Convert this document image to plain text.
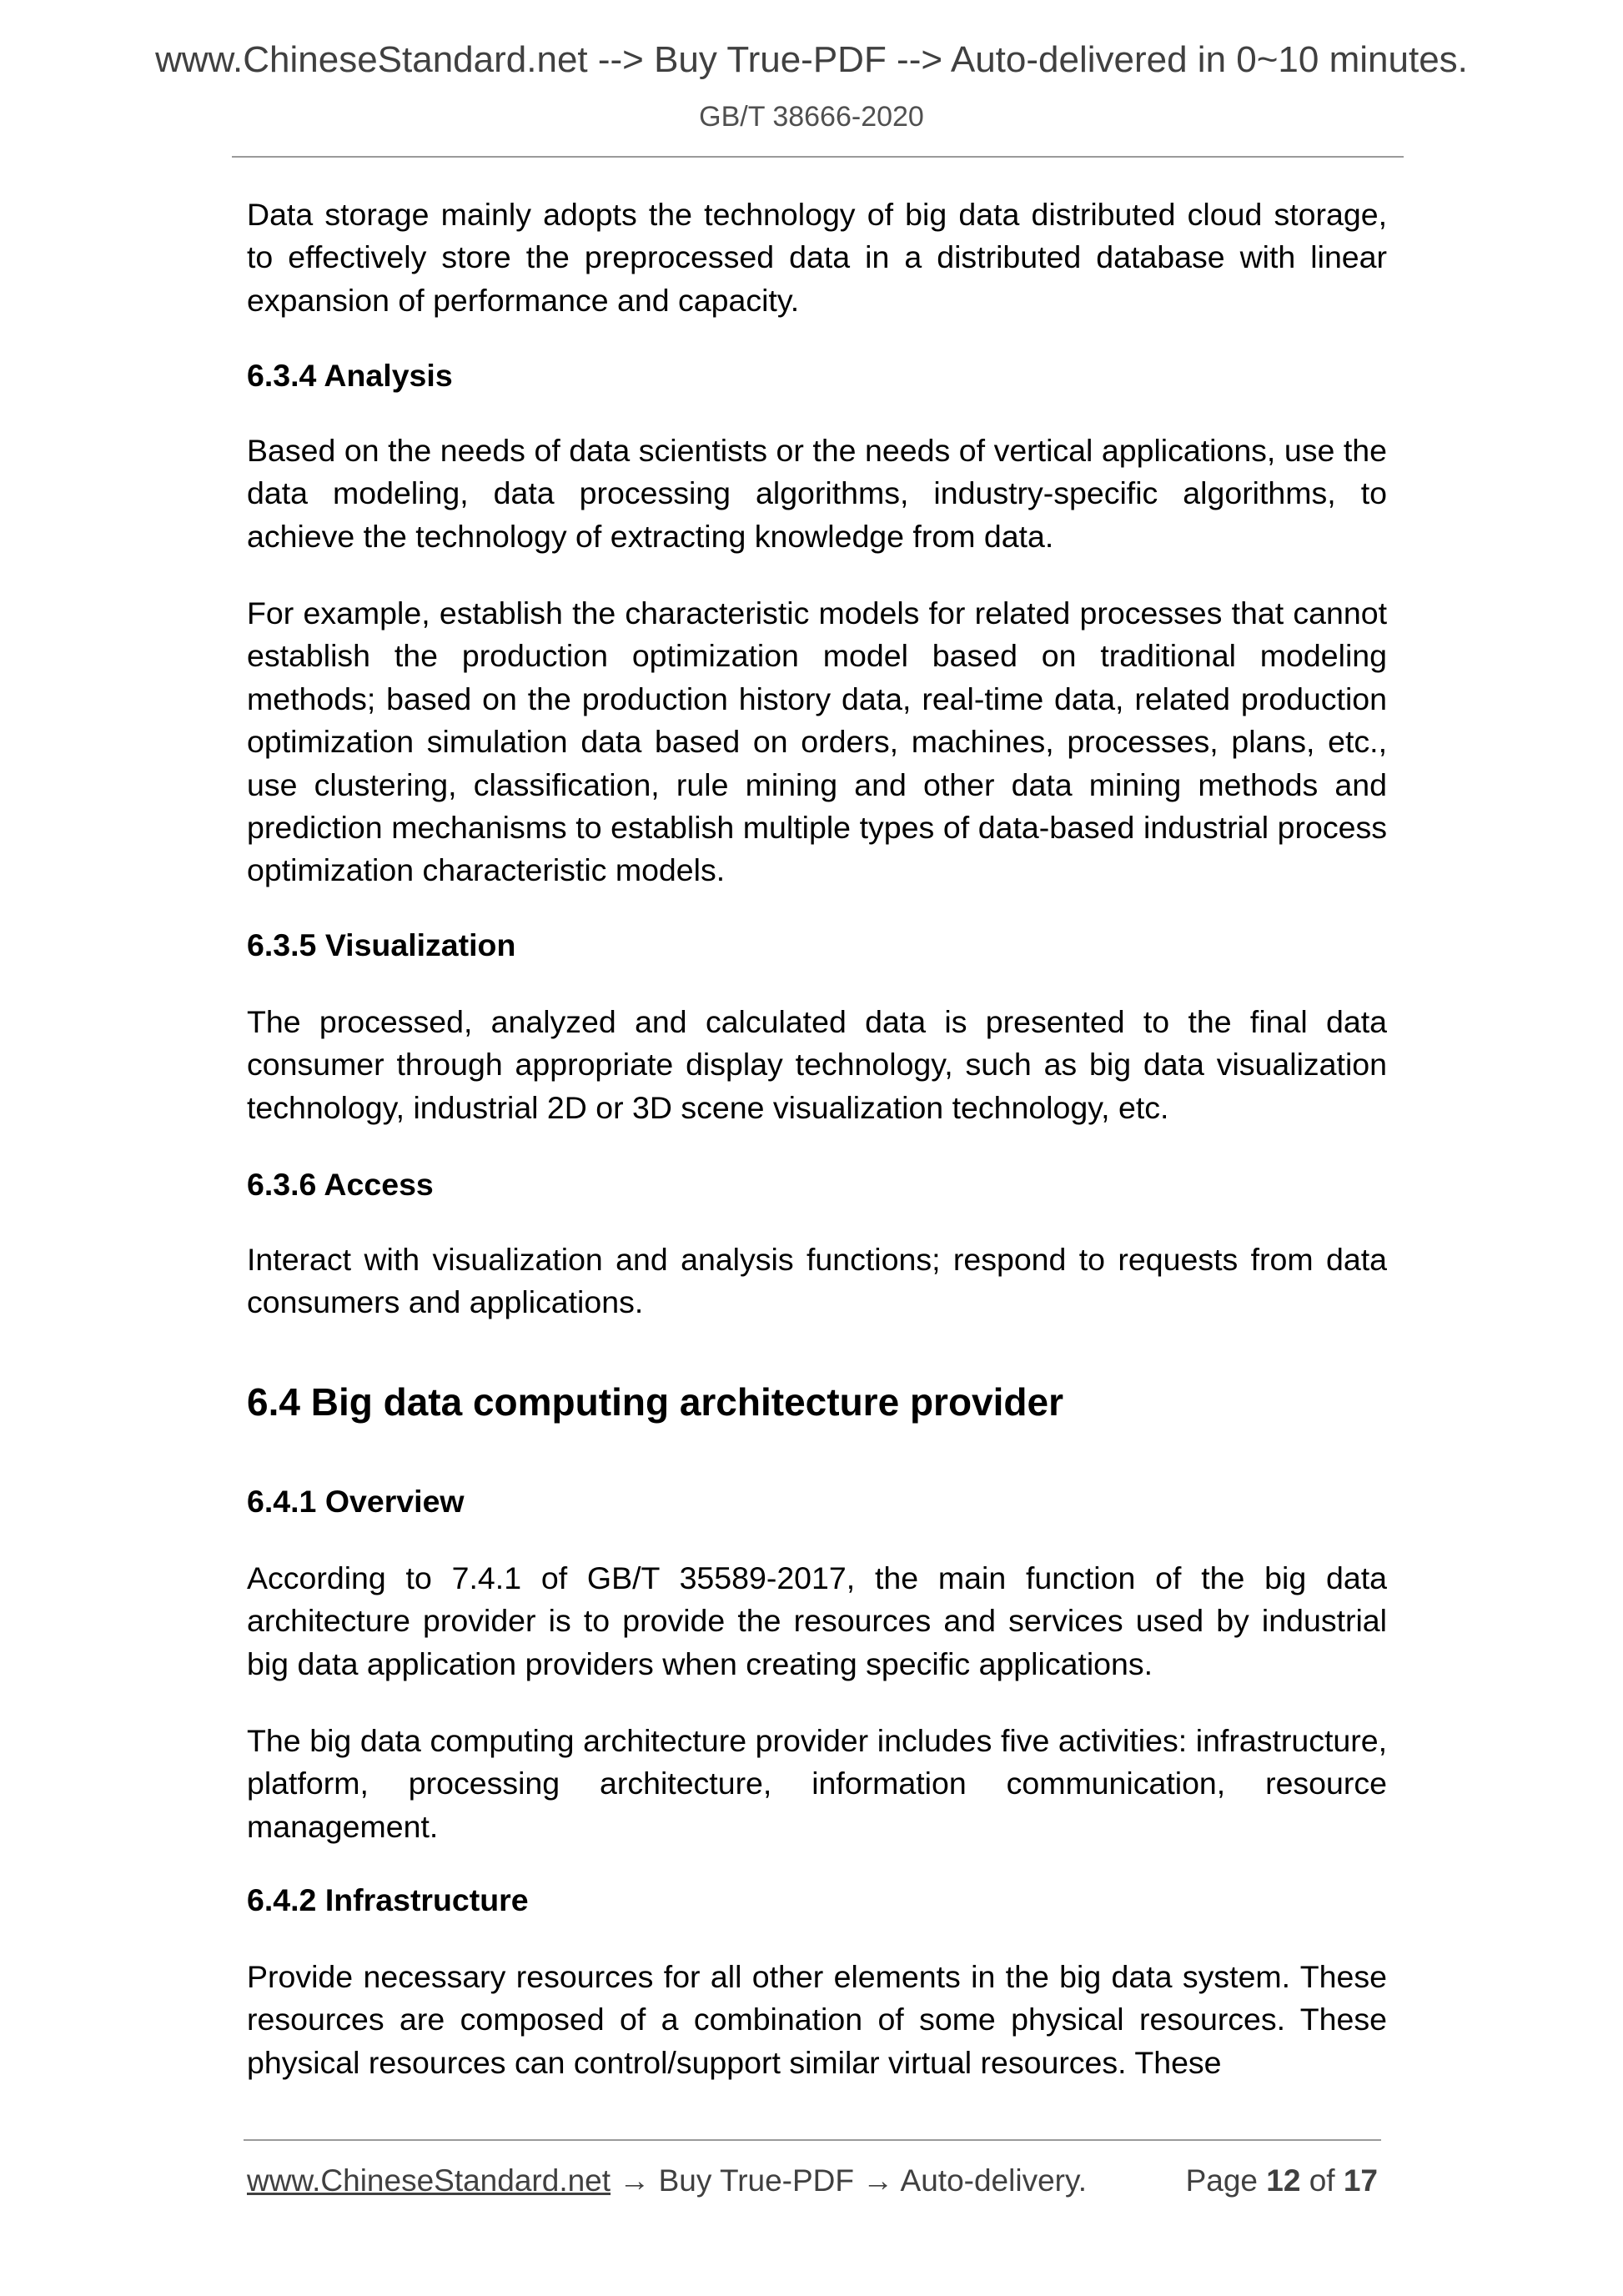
www.ChineseStandard.net --> Buy True-PDF --> Auto-delivered in 0~10 minutes.
GB/T 38666-2020
Data storage mainly adopts the technology of big data distributed cloud storage, to effectively store the preprocessed data in a distributed database with linear expansion of performance and capacity.
6.3.4 Analysis
Based on the needs of data scientists or the needs of vertical applications, use the data modeling, data processing algorithms, industry-specific algorithms, to achieve the technology of extracting knowledge from data.
For example, establish the characteristic models for related processes that cannot establish the production optimization model based on traditional modeling methods; based on the production history data, real-time data, related production optimization simulation data based on orders, machines, processes, plans, etc., use clustering, classification, rule mining and other data mining methods and prediction mechanisms to establish multiple types of data-based industrial process optimization characteristic models.
6.3.5 Visualization
The processed, analyzed and calculated data is presented to the final data consumer through appropriate display technology, such as big data visualization technology, industrial 2D or 3D scene visualization technology, etc.
6.3.6 Access
Interact with visualization and analysis functions; respond to requests from data consumers and applications.
6.4 Big data computing architecture provider
6.4.1 Overview
According to 7.4.1 of GB/T 35589-2017, the main function of the big data architecture provider is to provide the resources and services used by industrial big data application providers when creating specific applications.
The big data computing architecture provider includes five activities: infrastructure, platform, processing architecture, information communication, resource management.
6.4.2 Infrastructure
Provide necessary resources for all other elements in the big data system. These resources are composed of a combination of some physical resources. These physical resources can control/support similar virtual resources. These
www.ChineseStandard.net → Buy True-PDF → Auto-delivery.	Page 12 of 17
